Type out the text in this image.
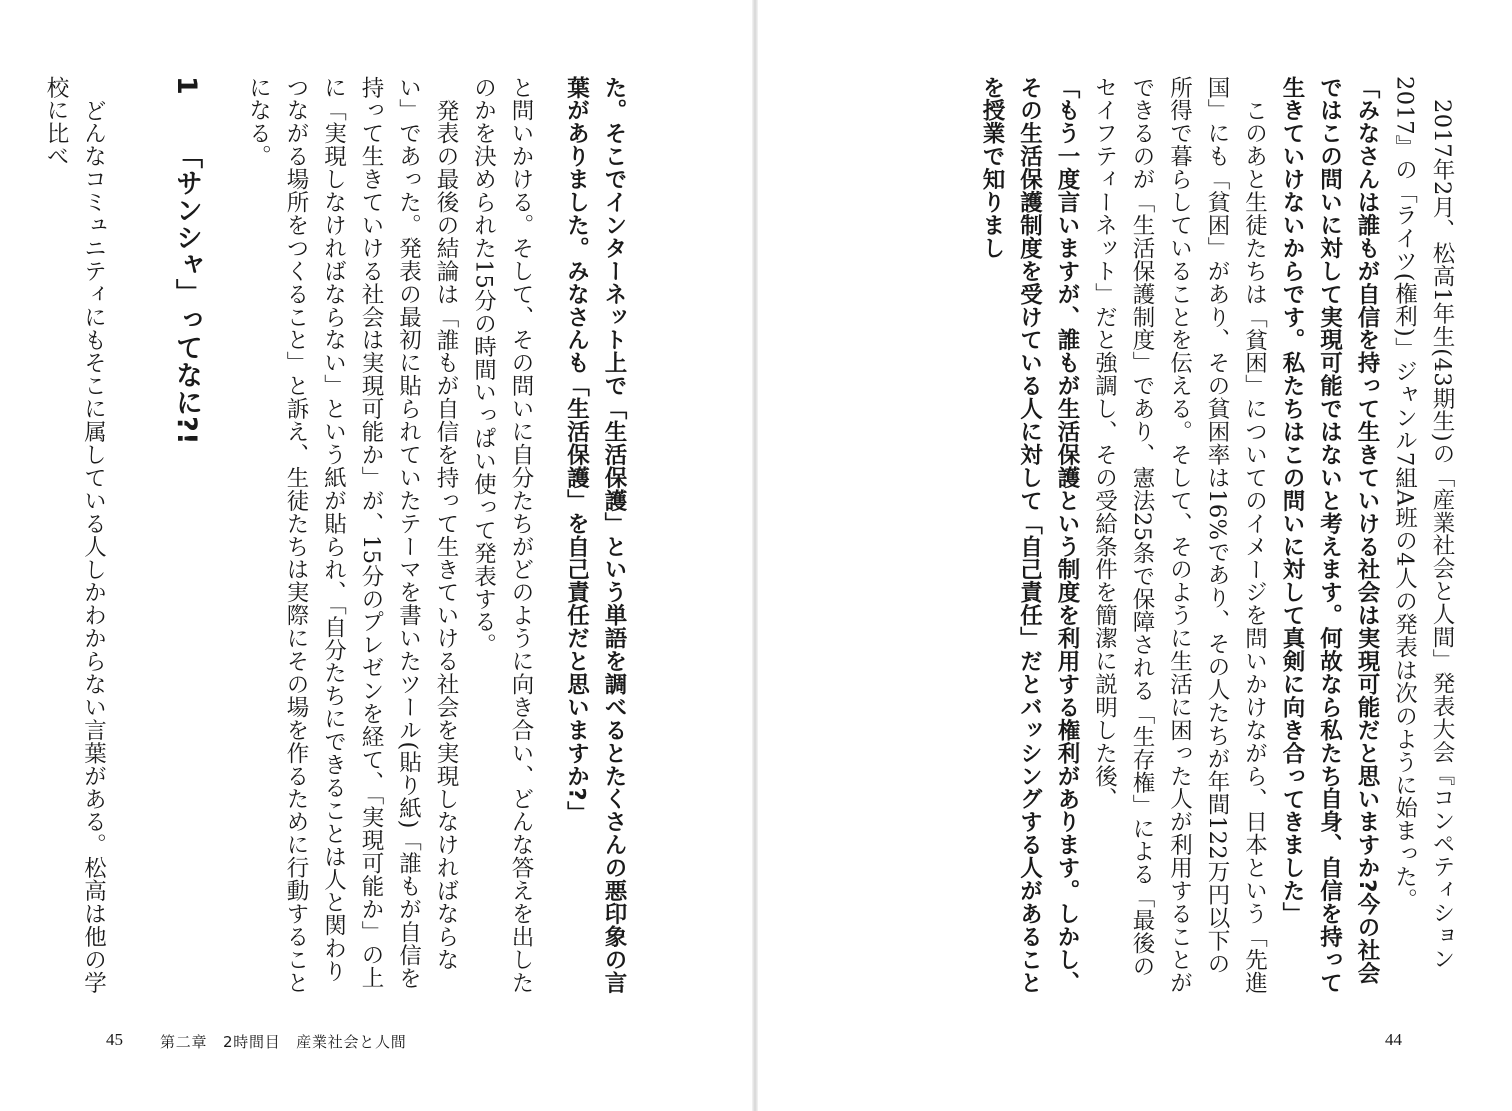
2017年2月、松高1年生(43期生)の「産業社会と人間」発表大会『コンペティション2017』の「ライツ(権利)」ジャンル7組A班の4人の発表は次のように始まった。

「みなさんは誰もが自信を持って生きていける社会は実現可能だと思いますか?今の社会ではこの問いに対して実現可能ではないと考えます。何故なら私たち自身、自信を持って生きていけないからです。私たちはこの問いに対して真剣に向き合ってきました」

このあと生徒たちは「貧困」についてのイメージを問いかけながら、日本という「先進国」にも「貧困」があり、その貧困率は16%であり、その人たちが年間122万円以下の所得で暮らしていることを伝える。そして、そのように生活に困った人が利用することができるのが「生活保護制度」であり、憲法25条で保障される「生存権」による「最後のセイフティーネット」だと強調し、その受給条件を簡潔に説明した後、

「もう一度言いますが、誰もが生活保護という制度を利用する権利があります。しかし、その生活保護制度を受けている人に対して「自己責任」だとバッシングする人があることを授業で知りまし

44

た。そこでインターネット上で「生活保護」という単語を調べるとたくさんの悪印象の言葉がありました。みなさんも「生活保護」を自己責任だと思いますか?」

と問いかける。そして、その問いに自分たちがどのように向き合い、どんな答えを出したのかを決められた15分の時間いっぱい使って発表する。

発表の最後の結論は「誰もが自信を持って生きていける社会を実現しなければならない」であった。発表の最初に貼られていたテーマを書いたツール(貼り紙)「誰もが自信を持って生きていける社会は実現可能か」が、15分のプレゼンを経て、「実現可能か」の上に「実現しなければならない」という紙が貼られ、「自分たちにできることは人と関わりつながる場所をつくること」と訴え、生徒たちは実際にその場を作るために行動することになる。

1　「サンシャ」ってなに?!

どんなコミュニティにもそこに属している人しかわからない言葉がある。松高は他の学校に比べ

45 第二章　2時間目　産業社会と人間
